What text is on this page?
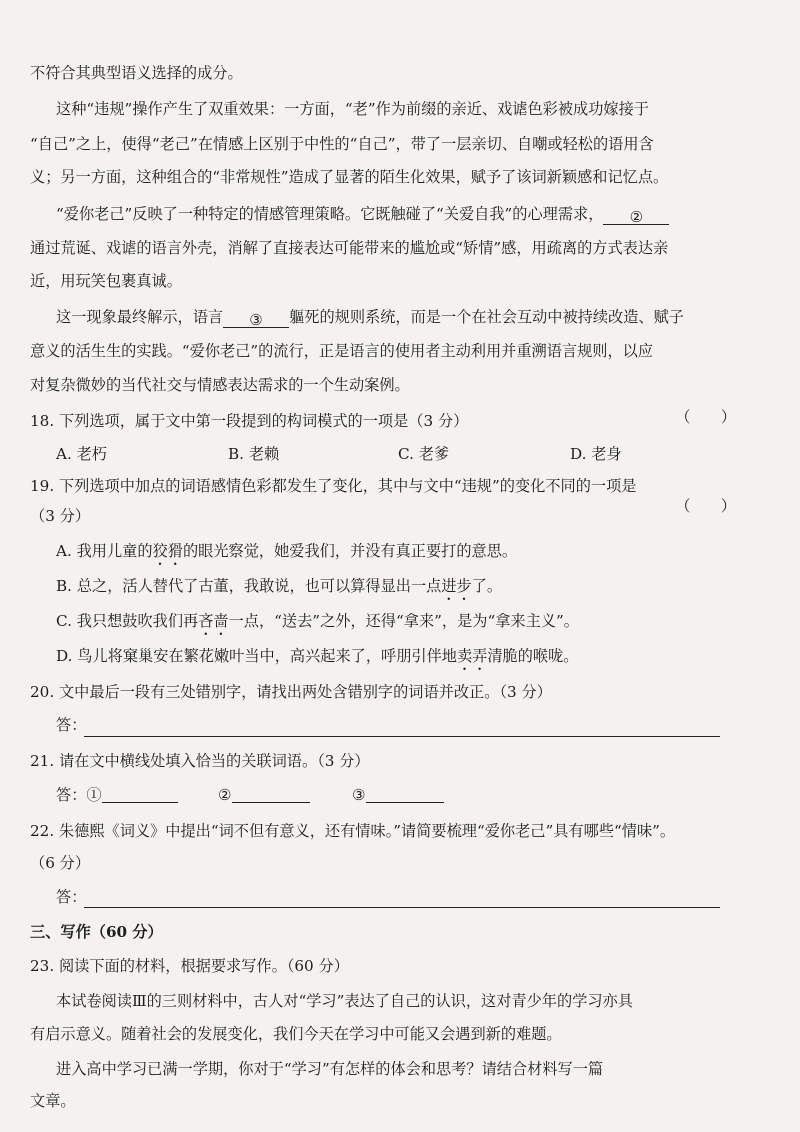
不符合其典型语义选择的成分。
这种“违规”操作产生了双重效果：一方面，“老”作为前缀的亲近、戏谑色彩被成功嫁接于
“自己”之上，使得“老己”在情感上区别于中性的“自己”，带了一层亲切、自嘲或轻松的语用含
义；另一方面，这种组合的“非常规性”造成了显著的陌生化效果，赋予了该词新颖感和记忆点。
“爱你老己”反映了一种特定的情感管理策略。它既触碰了“关爱自我”的心理需求， ②
通过荒诞、戏谑的语言外壳，消解了直接表达可能带来的尴尬或“矫情”感，用疏离的方式表达亲
近，用玩笑包裹真诚。
这一现象最终解示，语言 ③ 軀死的规则系统，而是一个在社会互动中被持续改造、赋子
意义的活生生的实践。“爱你老己”的流行，正是语言的使用者主动利用并重溯语言规则，以应
对复杂微妙的当代社交与情感表达需求的一个生动案例。
18. 下列选项，属于文中第一段提到的构词模式的一项是（3 分）	（　　）
A. 老朽	B. 老赖	C. 老爹	D. 老身
19. 下列选项中加点的词语感情色彩都发生了变化，其中与文中“违规”的变化不同的一项是
（3 分）
（　　）
A. 我用儿童的狡猾的眼光察觉，她爱我们，并没有真正要打的意思。
B. 总之，活人替代了古董，我敢说，也可以算得显出一点进步了。
C. 我只想鼓吹我们再吝啬一点，“送去”之外，还得“拿来”，是为“拿来主义”。
D. 鸟儿将窠巢安在繁花嫩叶当中，高兴起来了，呼朋引伴地卖弄清脆的喉咙。
20. 文中最后一段有三处错别字，请找出两处含错别字的词语并改正。（3 分）
答：
21. 请在文中横线处填入恰当的关联词语。（3 分）
答：①	②	③
22. 朱德熙《词义》中提出“词不但有意义，还有情味。”请简要梳理“爱你老己”具有哪些“情味”。
（6 分）
答：
三、写作（60 分）
23. 阅读下面的材料，根据要求写作。（60 分）
本试卷阅读Ⅲ的三则材料中，古人对“学习”表达了自己的认识，这对青少年的学习亦具
有启示意义。随着社会的发展变化，我们今天在学习中可能又会遇到新的难题。
进入高中学习已满一学期，你对于“学习”有怎样的体会和思考？请结合材料写一篇
文章。
